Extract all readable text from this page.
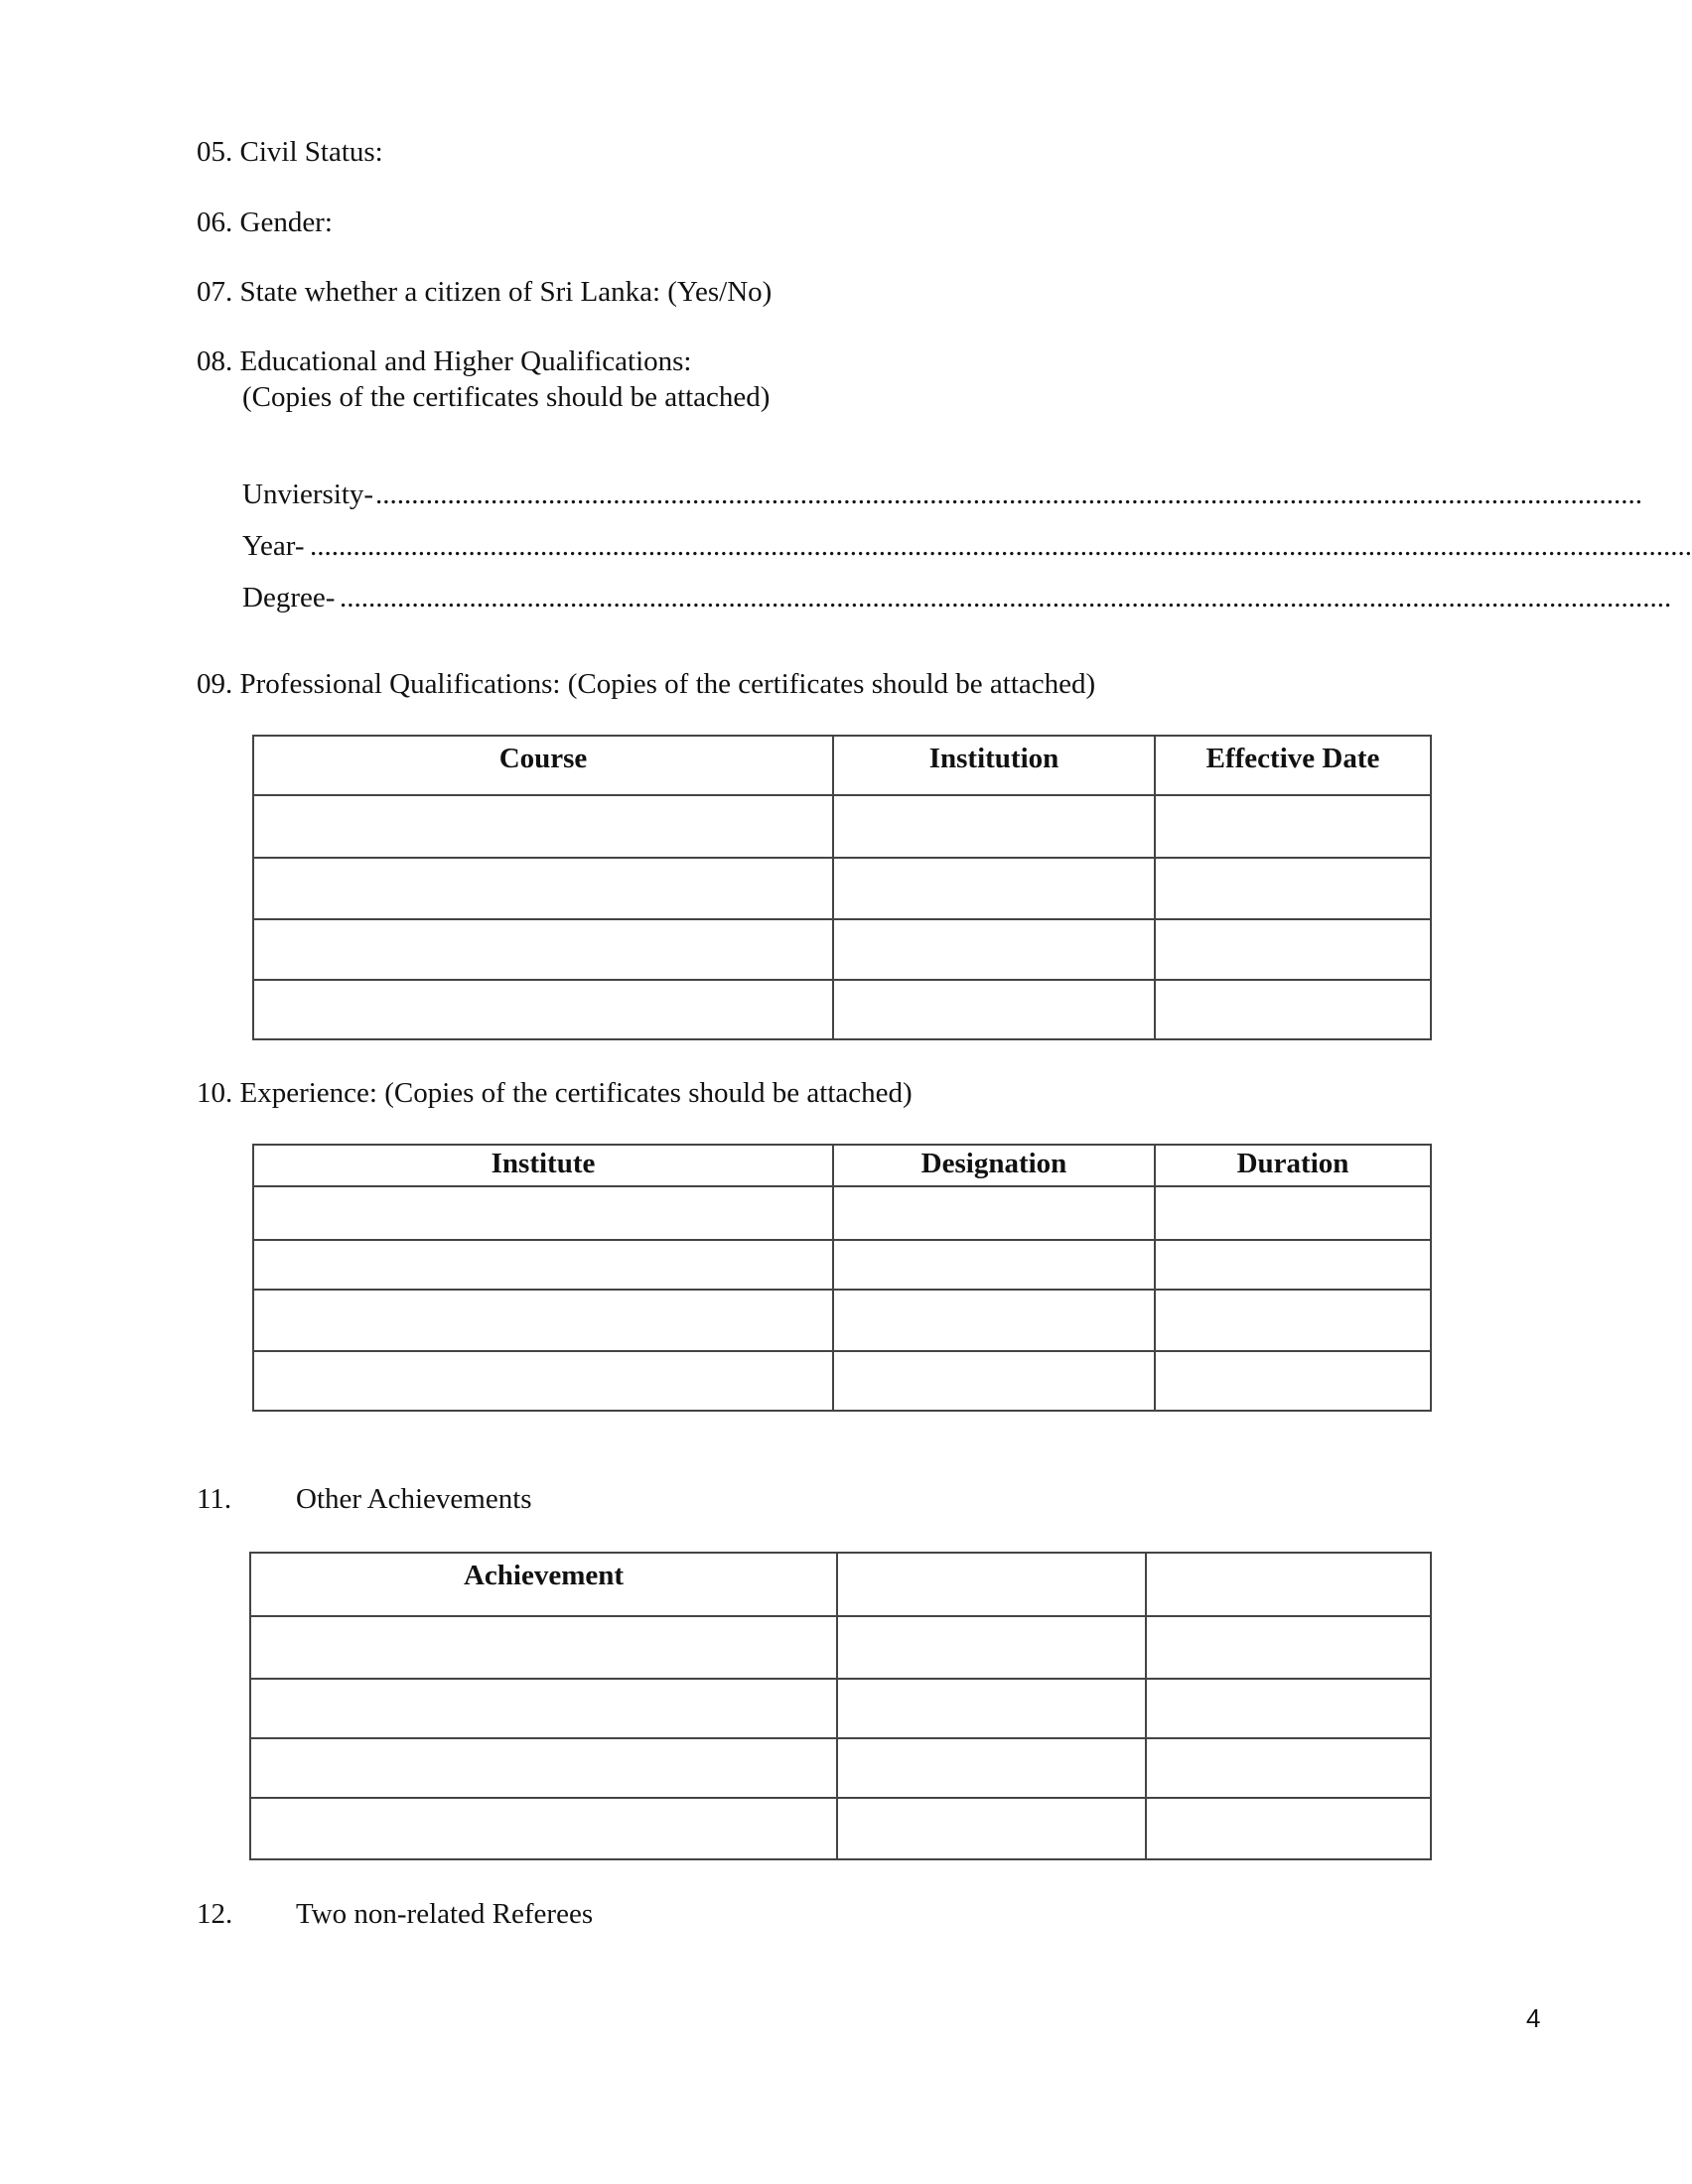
05. Civil Status:
06. Gender:
07. State whether a citizen of Sri Lanka: (Yes/No)
08. Educational and Higher Qualifications:
(Copies of the certificates should be attached)
Unviersity- ................................................................................................................................................................................
Year- ................................................................................................................................................................................................
Degree- .........................................................................................................................................................................................
09. Professional Qualifications: (Copies of the certificates should be attached)
Course	Institution	Effective Date

10. Experience: (Copies of the certificates should be attached)
Institute	Designation	Duration

11. Other Achievements
Achievement		

12. Two non-related Referees
4
